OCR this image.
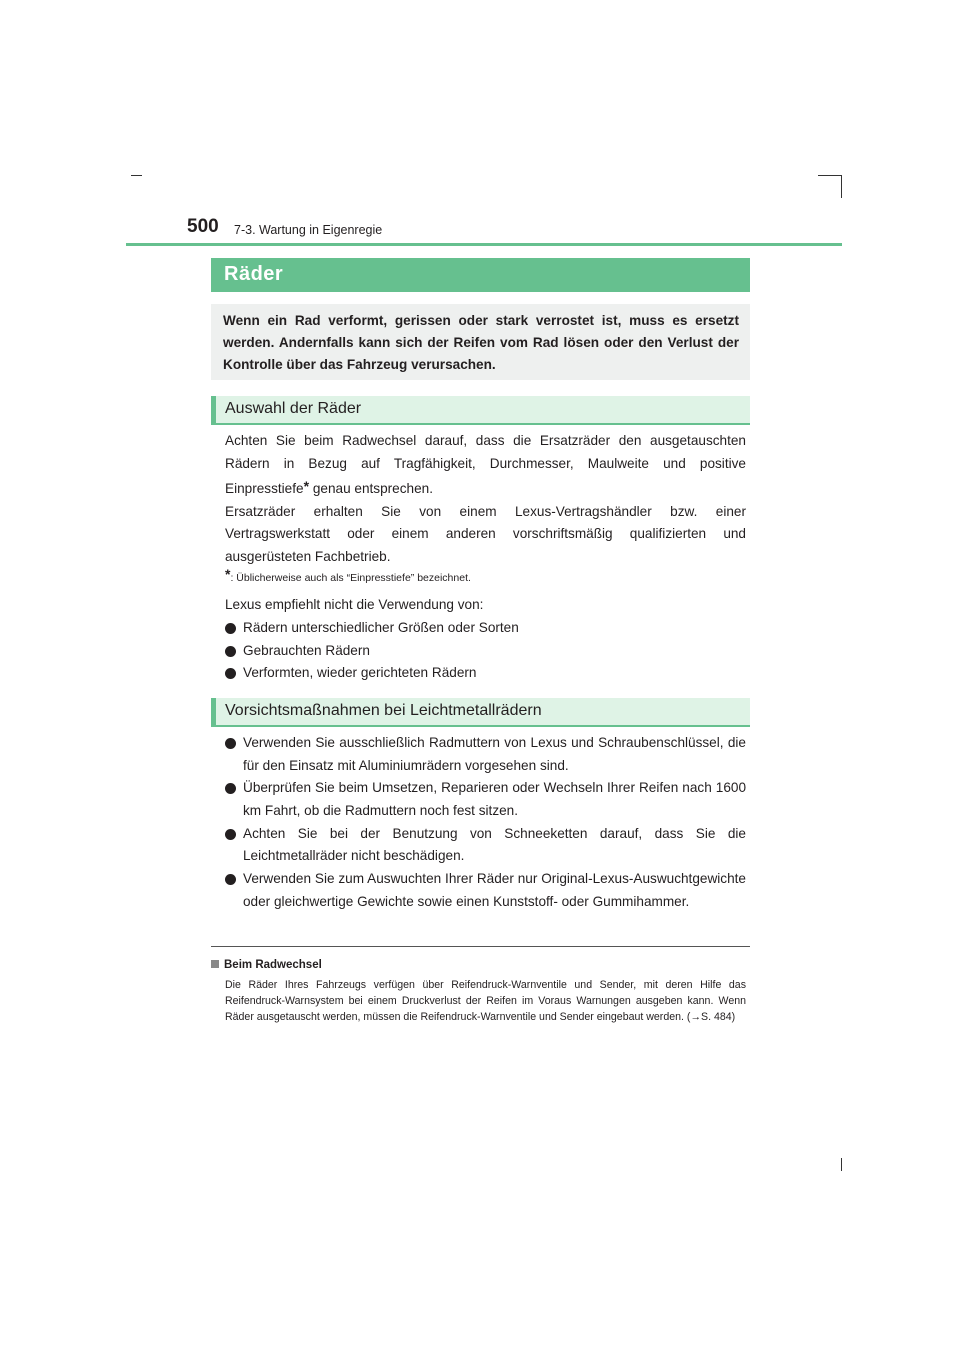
500 7-3. Wartung in Eigenregie
Räder
Wenn ein Rad verformt, gerissen oder stark verrostet ist, muss es ersetzt werden. Andernfalls kann sich der Reifen vom Rad lösen oder den Verlust der Kontrolle über das Fahrzeug verursachen.
Auswahl der Räder

Achten Sie beim Radwechsel darauf, dass die Ersatzräder den ausgetauschten Rädern in Bezug auf Tragfähigkeit, Durchmesser, Maulweite und positive Einpresstiefe* genau entsprechen.

Ersatzräder erhalten Sie von einem Lexus-Vertragshändler bzw. einer Vertragswerkstatt oder einem anderen vorschriftsmäßig qualifizierten und ausgerüsteten Fachbetrieb.

*: Üblicherweise auch als “Einpresstiefe” bezeichnet.
Lexus empfiehlt nicht die Verwendung von:
Rädern unterschiedlicher Größen oder Sorten
Gebrauchten Rädern
Verformten, wieder gerichteten Rädern
Vorsichtsmaßnahmen bei Leichtmetallrädern
Verwenden Sie ausschließlich Radmuttern von Lexus und Schraubenschlüssel, die für den Einsatz mit Aluminiumrädern vorgesehen sind.
Überprüfen Sie beim Umsetzen, Reparieren oder Wechseln Ihrer Reifen nach 1600 km Fahrt, ob die Radmuttern noch fest sitzen.
Achten Sie bei der Benutzung von Schneeketten darauf, dass Sie die Leichtmetallräder nicht beschädigen.
Verwenden Sie zum Auswuchten Ihrer Räder nur Original-Lexus-Auswuchtgewichte oder gleichwertige Gewichte sowie einen Kunststoff- oder Gummihammer.
Beim Radwechsel
Die Räder Ihres Fahrzeugs verfügen über Reifendruck-Warnventile und Sender, mit deren Hilfe das Reifendruck-Warnsystem bei einem Druckverlust der Reifen im Voraus Warnungen ausgeben kann. Wenn Räder ausgetauscht werden, müssen die Reifendruck-Warnventile und Sender eingebaut werden. (→S. 484)
